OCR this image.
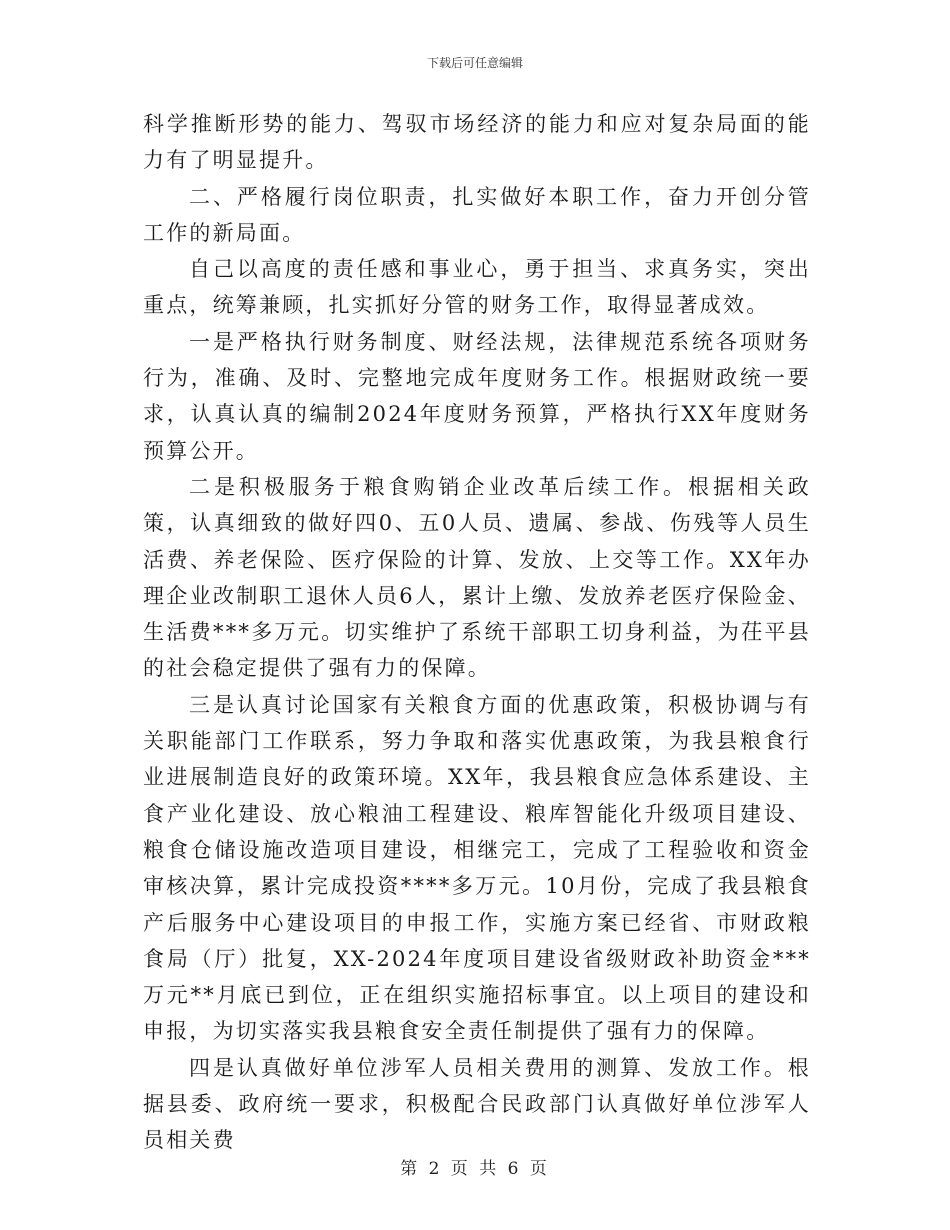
下载后可任意编辑

科学推断形势的能力、驾驭市场经济的能力和应对复杂局面的能力有了明显提升。

二、严格履行岗位职责，扎实做好本职工作，奋力开创分管工作的新局面。

自己以高度的责任感和事业心，勇于担当、求真务实，突出重点，统筹兼顾，扎实抓好分管的财务工作，取得显著成效。

一是严格执行财务制度、财经法规，法律规范系统各项财务行为，准确、及时、完整地完成年度财务工作。根据财政统一要求，认真认真的编制2024年度财务预算，严格执行XX年度财务预算公开。

二是积极服务于粮食购销企业改革后续工作。根据相关政策，认真细致的做好四0、五0人员、遗属、参战、伤残等人员生活费、养老保险、医疗保险的计算、发放、上交等工作。XX年办理企业改制职工退休人员6人，累计上缴、发放养老医疗保险金、生活费***多万元。切实维护了系统干部职工切身利益，为茌平县的社会稳定提供了强有力的保障。

三是认真讨论国家有关粮食方面的优惠政策，积极协调与有关职能部门工作联系，努力争取和落实优惠政策，为我县粮食行业进展制造良好的政策环境。XX年，我县粮食应急体系建设、主食产业化建设、放心粮油工程建设、粮库智能化升级项目建设、粮食仓储设施改造项目建设，相继完工，完成了工程验收和资金审核决算，累计完成投资****多万元。10月份，完成了我县粮食产后服务中心建设项目的申报工作，实施方案已经省、市财政粮食局（厅）批复，XX-2024年度项目建设省级财政补助资金***万元**月底已到位，正在组织实施招标事宜。以上项目的建设和申报，为切实落实我县粮食安全责任制提供了强有力的保障。

四是认真做好单位涉军人员相关费用的测算、发放工作。根据县委、政府统一要求，积极配合民政部门认真做好单位涉军人员相关费

第 2 页 共 6 页
